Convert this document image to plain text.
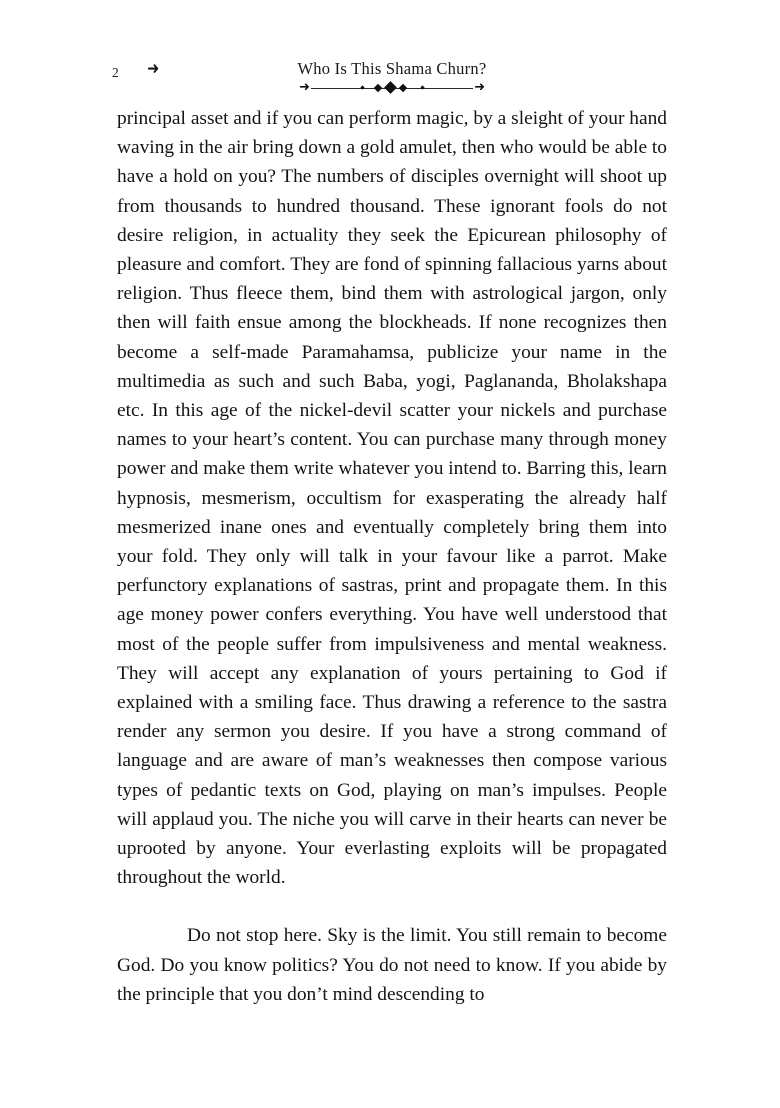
2 ➜	Who Is This Shama Churn?
➜	➜

principal asset and if you can perform magic, by a sleight of your hand waving in the air bring down a gold amulet, then who would be able to have a hold on you? The numbers of disciples overnight will shoot up from thousands to hundred thousand. These ignorant fools do not desire religion, in actuality they seek the Epicurean philosophy of pleasure and comfort. They are fond of spinning fallacious yarns about religion. Thus fleece them, bind them with astrological jargon, only then will faith ensue among the blockheads. If none recognizes then become a self-made Paramahamsa, publicize your name in the multimedia as such and such Baba, yogi, Paglananda, Bholakshapa etc. In this age of the nickel-devil scatter your nickels and purchase names to your heart’s content. You can purchase many through money power and make them write whatever you intend to. Barring this, learn hypnosis, mesmerism, occultism for exasperating the already half mesmerized inane ones and eventually completely bring them into your fold. They only will talk in your favour like a parrot. Make perfunctory explanations of sastras, print and propagate them. In this age money power confers everything. You have well understood that most of the people suffer from impulsiveness and mental weakness. They will accept any explanation of yours pertaining to God if explained with a smiling face. Thus drawing a reference to the sastra render any sermon you desire. If you have a strong command of language and are aware of man’s weaknesses then compose various types of pedantic texts on God, playing on man’s impulses. People will applaud you. The niche you will carve in their hearts can never be uprooted by anyone. Your everlasting exploits will be propagated throughout the world.

Do not stop here. Sky is the limit. You still remain to become God. Do you know politics? You do not need to know. If you abide by the principle that you don’t mind descending to
